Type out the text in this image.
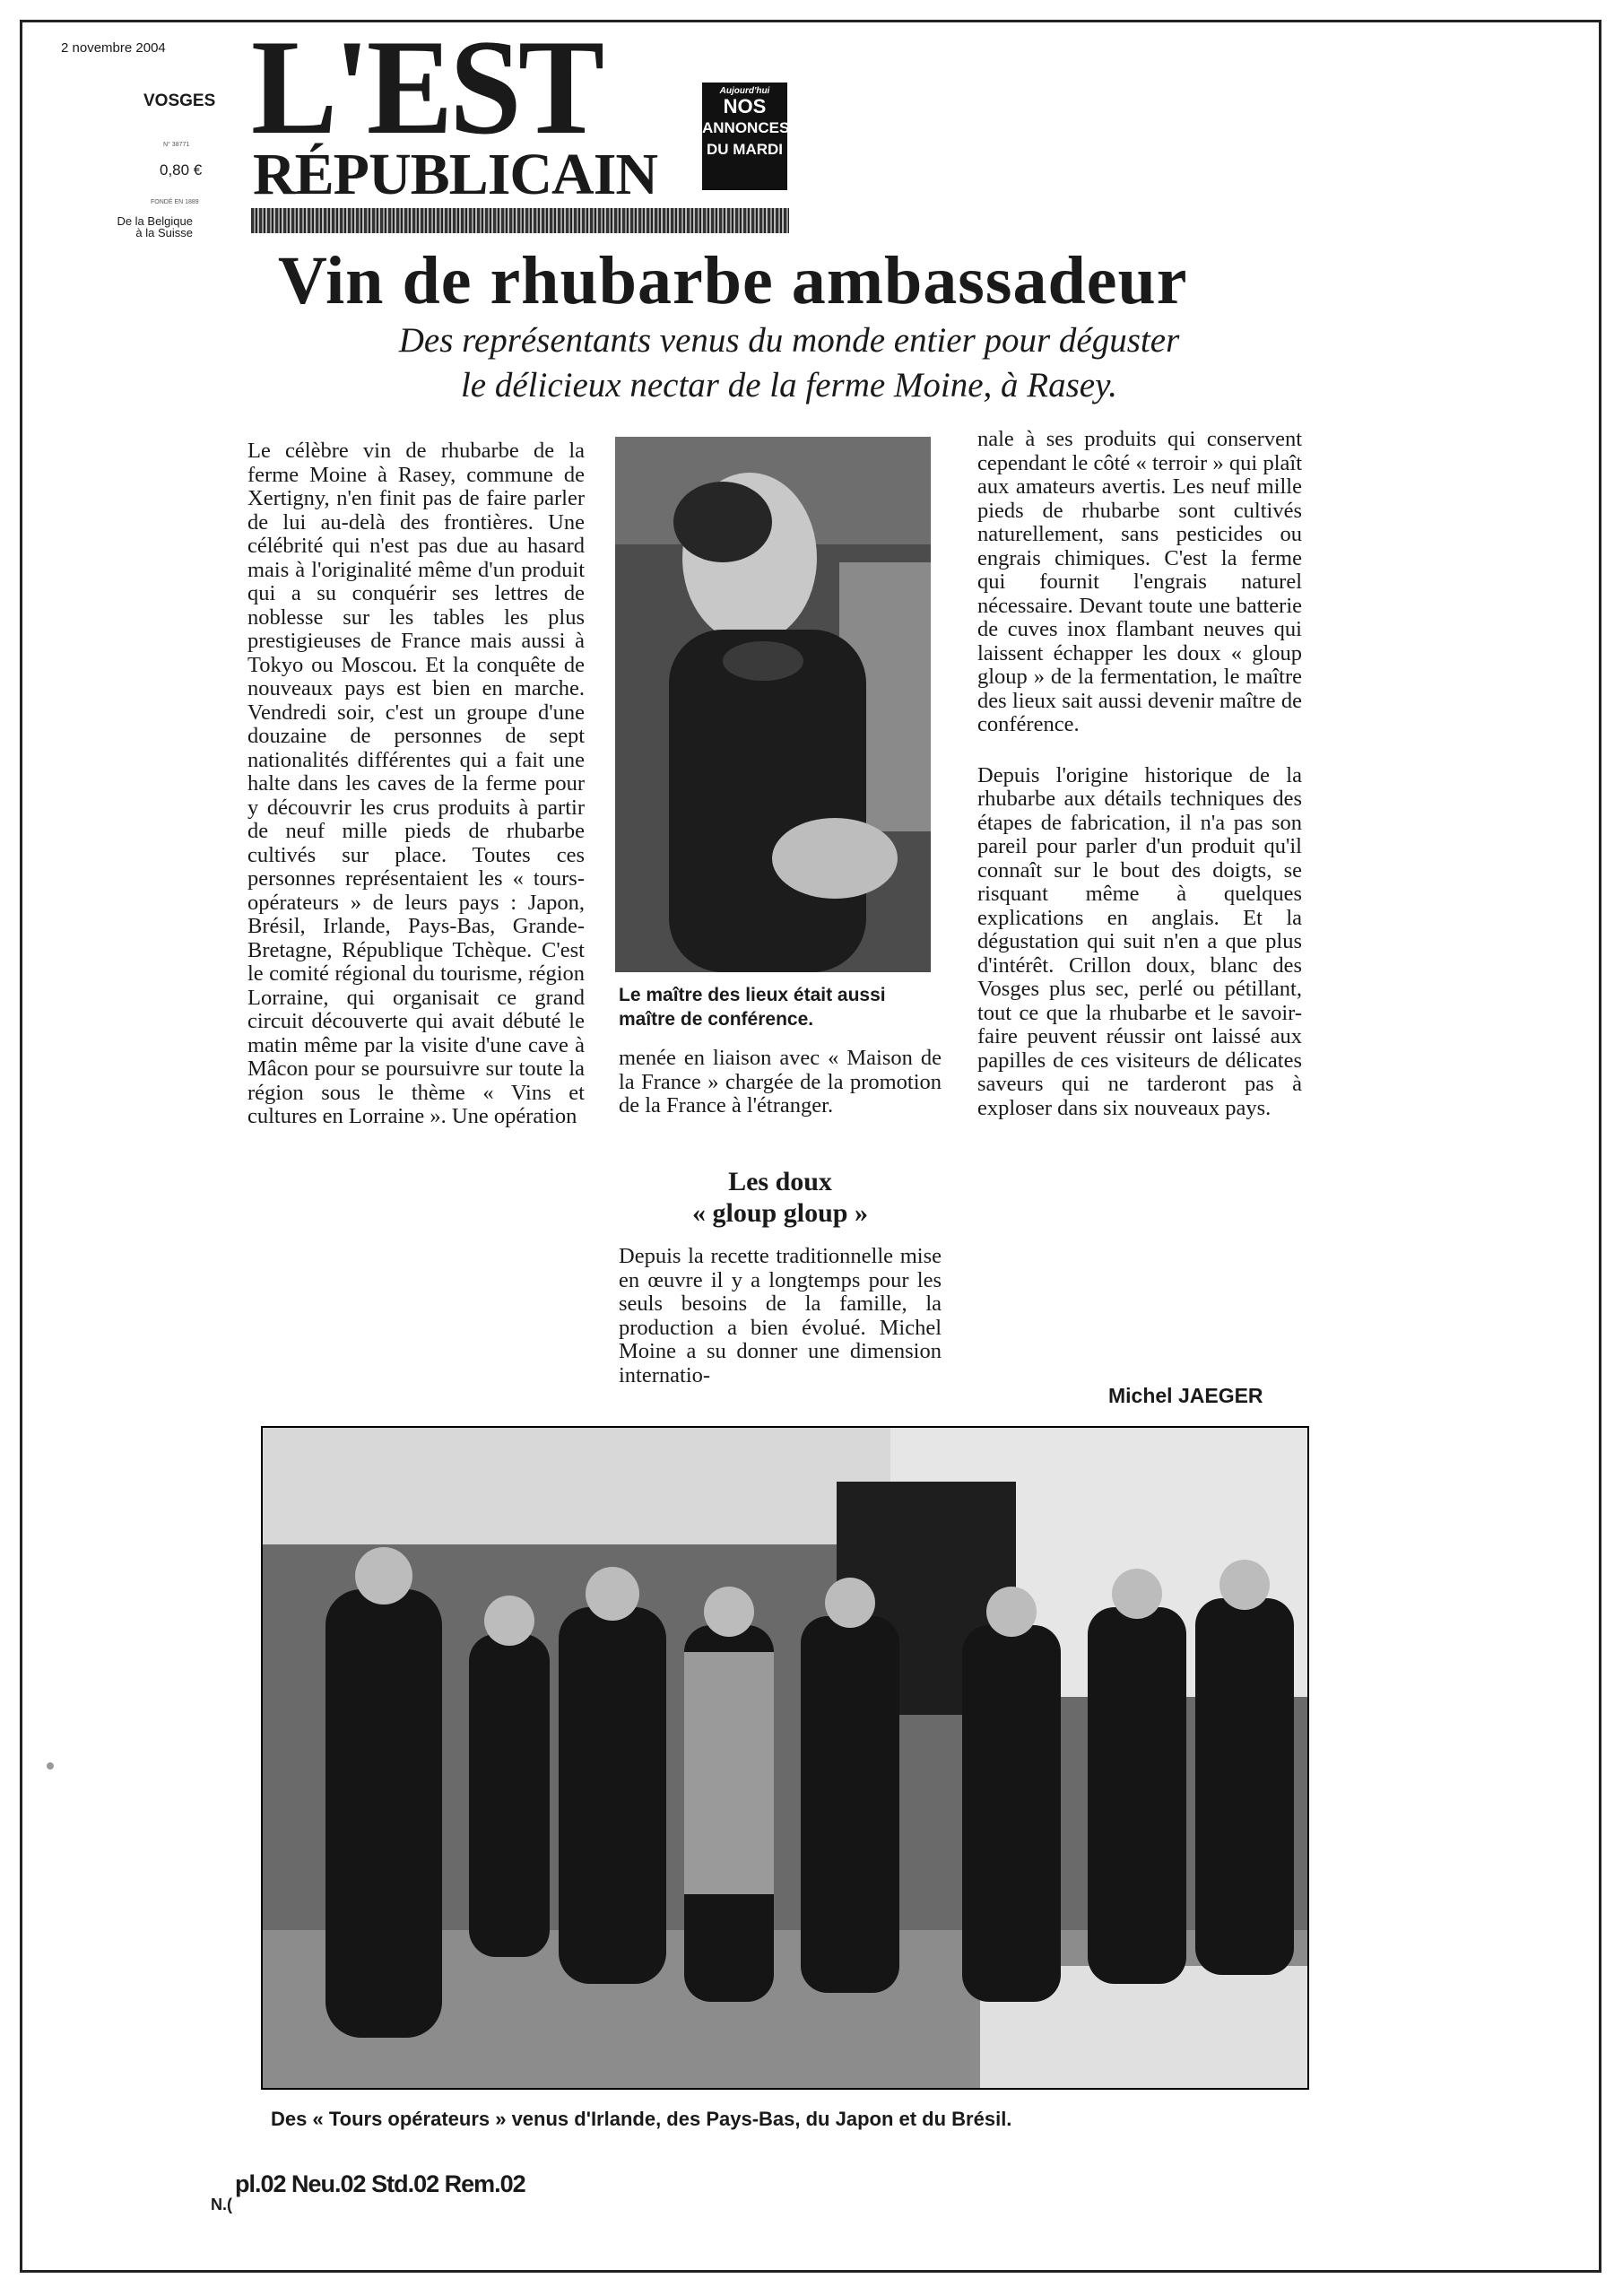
2 novembre 2004
VOSGES
N° 38771
0,80 €
FONDÉ EN 1889
De la Belgique
à la Suisse
L'EST
RÉPUBLICAIN
Aujourd'hui
NOS
ANNONCES
DU MARDI
Vin de rhubarbe ambassadeur
Des représentants venus du monde entier pour déguster
le délicieux nectar de la ferme Moine, à Rasey.

Le célèbre vin de rhubarbe de la ferme Moine à Rasey, commune de Xertigny, n'en finit pas de faire parler de lui au-delà des frontières. Une célébrité qui n'est pas due au hasard mais à l'originalité même d'un produit qui a su conquérir ses lettres de noblesse sur les tables les plus prestigieuses de France mais aussi à Tokyo ou Moscou. Et la conquête de nouveaux pays est bien en marche. Vendredi soir, c'est un groupe d'une douzaine de personnes de sept nationalités différentes qui a fait une halte dans les caves de la ferme pour y découvrir les crus produits à partir de neuf mille pieds de rhubarbe cultivés sur place. Toutes ces personnes représentaient les « tours-opérateurs » de leurs pays : Japon, Brésil, Irlande, Pays-Bas, Grande-Bretagne, République Tchèque. C'est le comité régional du tourisme, région Lorraine, qui organisait ce grand circuit découverte qui avait débuté le matin même par la visite d'une cave à Mâcon pour se poursuivre sur toute la région sous le thème « Vins et cultures en Lorraine ». Une opération

Le maître des lieux était aussi maître de conférence.

menée en liaison avec « Maison de la France » chargée de la promotion de la France à l'étranger.

Les doux
« gloup gloup »

Depuis la recette traditionnelle mise en œuvre il y a longtemps pour les seuls besoins de la famille, la production a bien évolué. Michel Moine a su donner une dimension internatio-

nale à ses produits qui conservent cependant le côté « terroir » qui plaît aux amateurs avertis. Les neuf mille pieds de rhubarbe sont cultivés naturellement, sans pesticides ou engrais chimiques. C'est la ferme qui fournit l'engrais naturel nécessaire. Devant toute une batterie de cuves inox flambant neuves qui laissent échapper les doux « gloup gloup » de la fermentation, le maître des lieux sait aussi devenir maître de conférence.

Depuis l'origine historique de la rhubarbe aux détails techniques des étapes de fabrication, il n'a pas son pareil pour parler d'un produit qu'il connaît sur le bout des doigts, se risquant même à quelques explications en anglais. Et la dégustation qui suit n'en a que plus d'intérêt. Crillon doux, blanc des Vosges plus sec, perlé ou pétillant, tout ce que la rhubarbe et le savoir-faire peuvent réussir ont laissé aux papilles de ces visiteurs de délicates saveurs qui ne tarderont pas à exploser dans six nouveaux pays.

Michel JAEGER
Des « Tours opérateurs » venus d'Irlande, des Pays-Bas, du Japon et du Brésil.
pl.02 Neu.02 Std.02 Rem.02
N.(
